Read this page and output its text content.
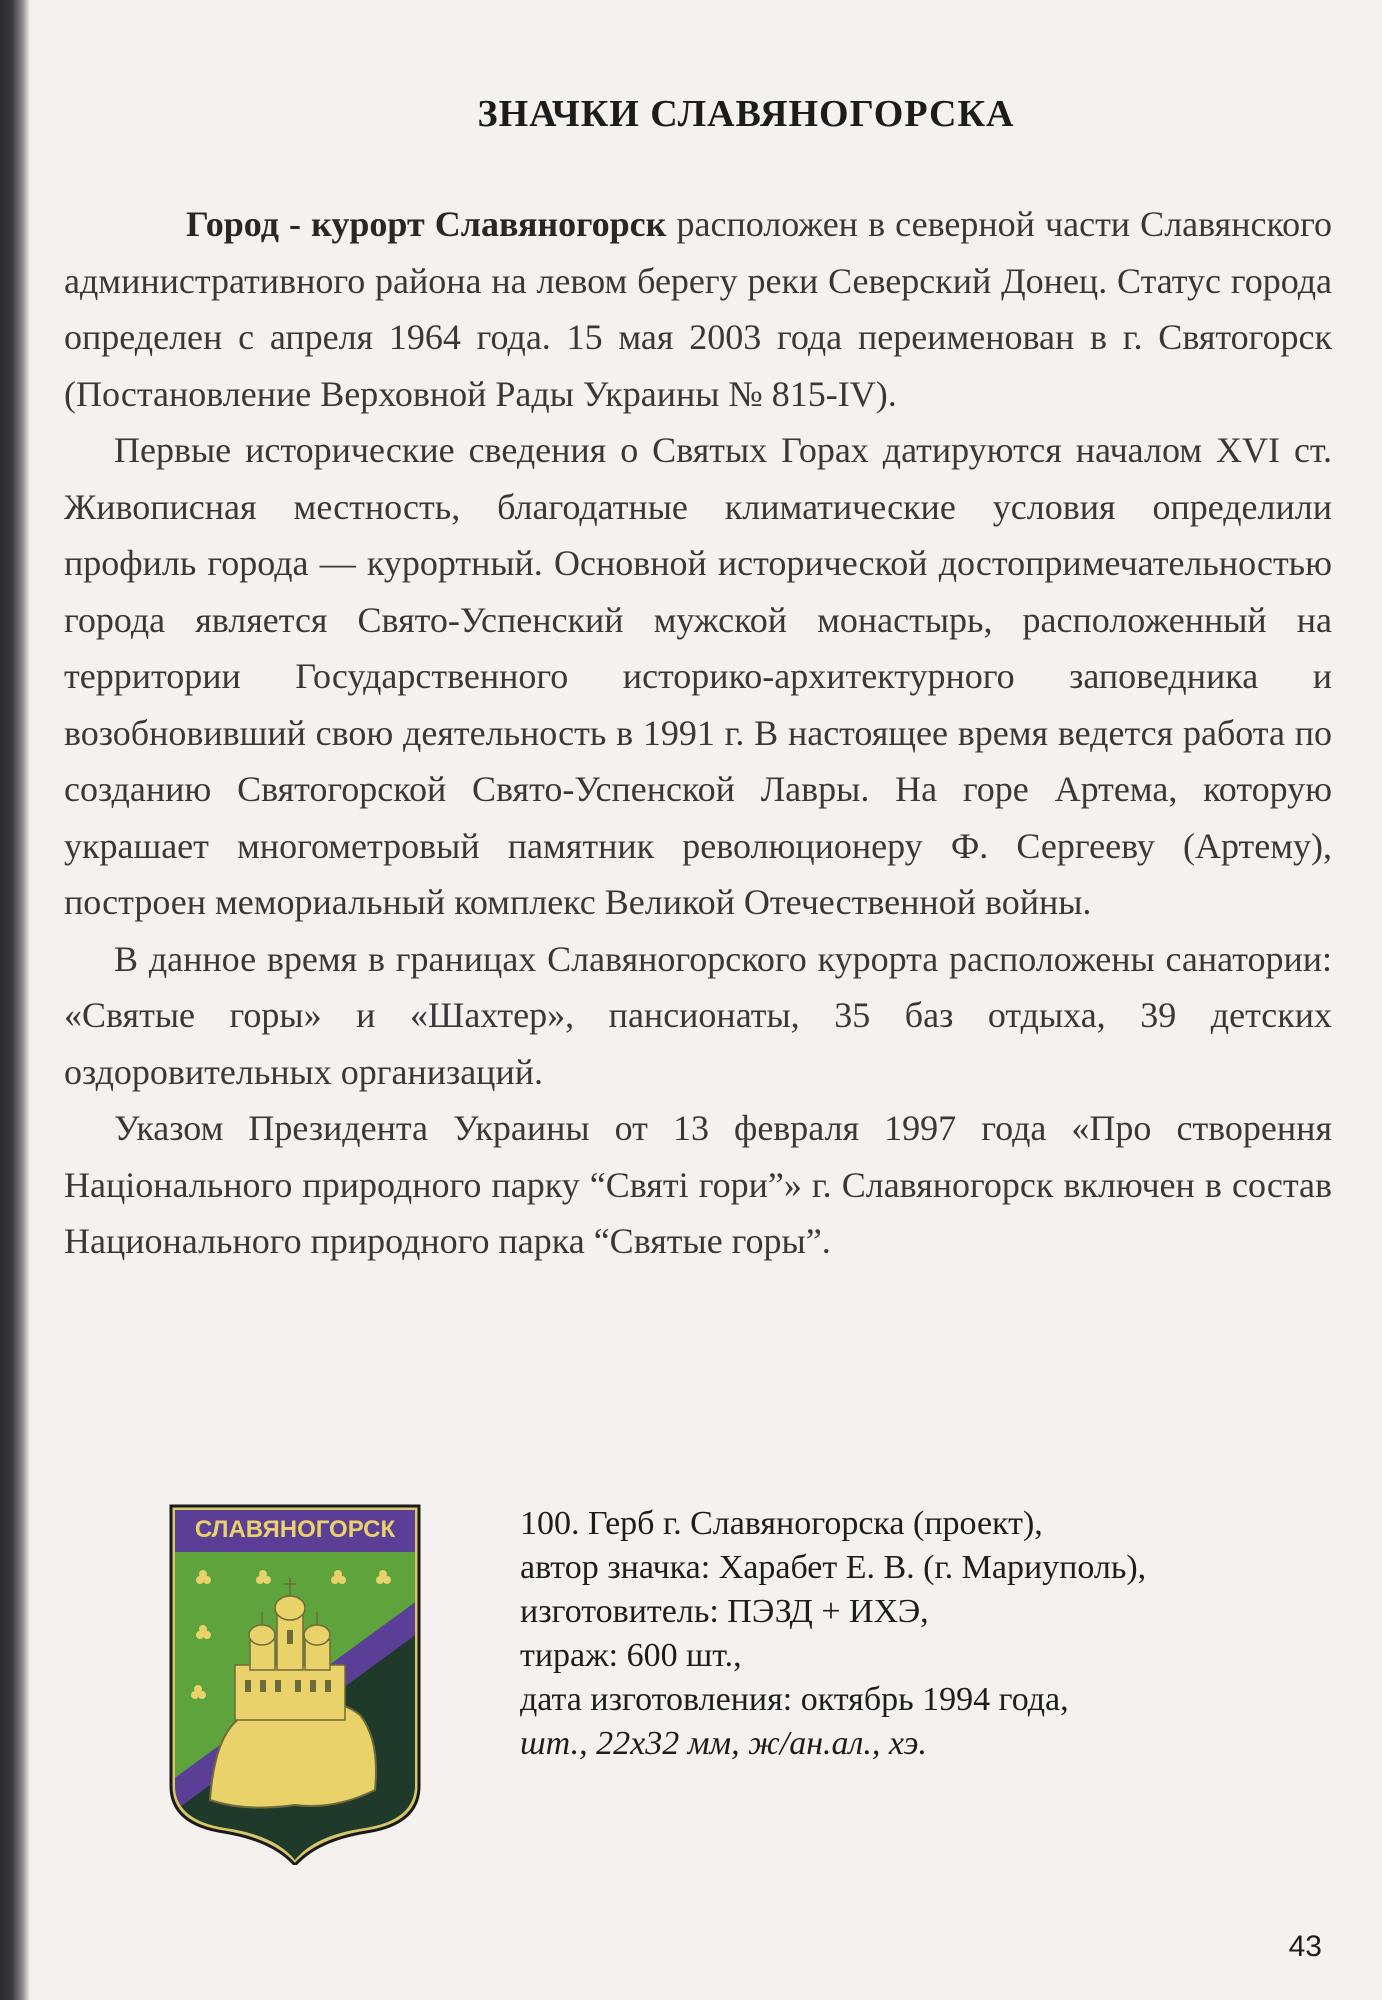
ЗНАЧКИ СЛАВЯНОГОРСКА

Город - курорт Славяногорск расположен в северной части Славянского административного района на левом берегу реки Северский Донец. Статус города определен с апреля 1964 года. 15 мая 2003 года переименован в г. Святогорск (Постановление Верховной Рады Украины № 815-IV).

Первые исторические сведения о Святых Горах датируются началом XVI ст. Живописная местность, благодатные климатические условия определили профиль города — курортный. Основной исторической достопримечательностью города является Свято-Успенский мужской монастырь, расположенный на территории Государственного историко-архитектурного заповедника и возобновивший свою деятельность в 1991 г. В настоящее время ведется работа по созданию Святогорской Свято-Успенской Лавры. На горе Артема, которую украшает многометровый памятник революционеру Ф. Сергееву (Артему), построен мемориальный комплекс Великой Отечественной войны.

В данное время в границах Славяногорского курорта расположены санатории: «Святые горы» и «Шахтер», пансионаты, 35 баз отдыха, 39 детских оздоровительных организаций.

Указом Президента Украины от 13 февраля 1997 года «Про створення Національного природного парку “Святі гори”» г. Славяногорск включен в состав Национального природного парка “Святые горы”.

СЛАВЯНОГОРСК	100. Герб г. Славяногорска (проект),
автор значка: Харабет Е. В. (г. Мариуполь),
изготовитель: ПЭЗД + ИХЭ,
тираж: 600 шт.,
дата изготовления: октябрь 1994 года,
шт., 22х32 мм, ж/ан.ал., хэ.
43
